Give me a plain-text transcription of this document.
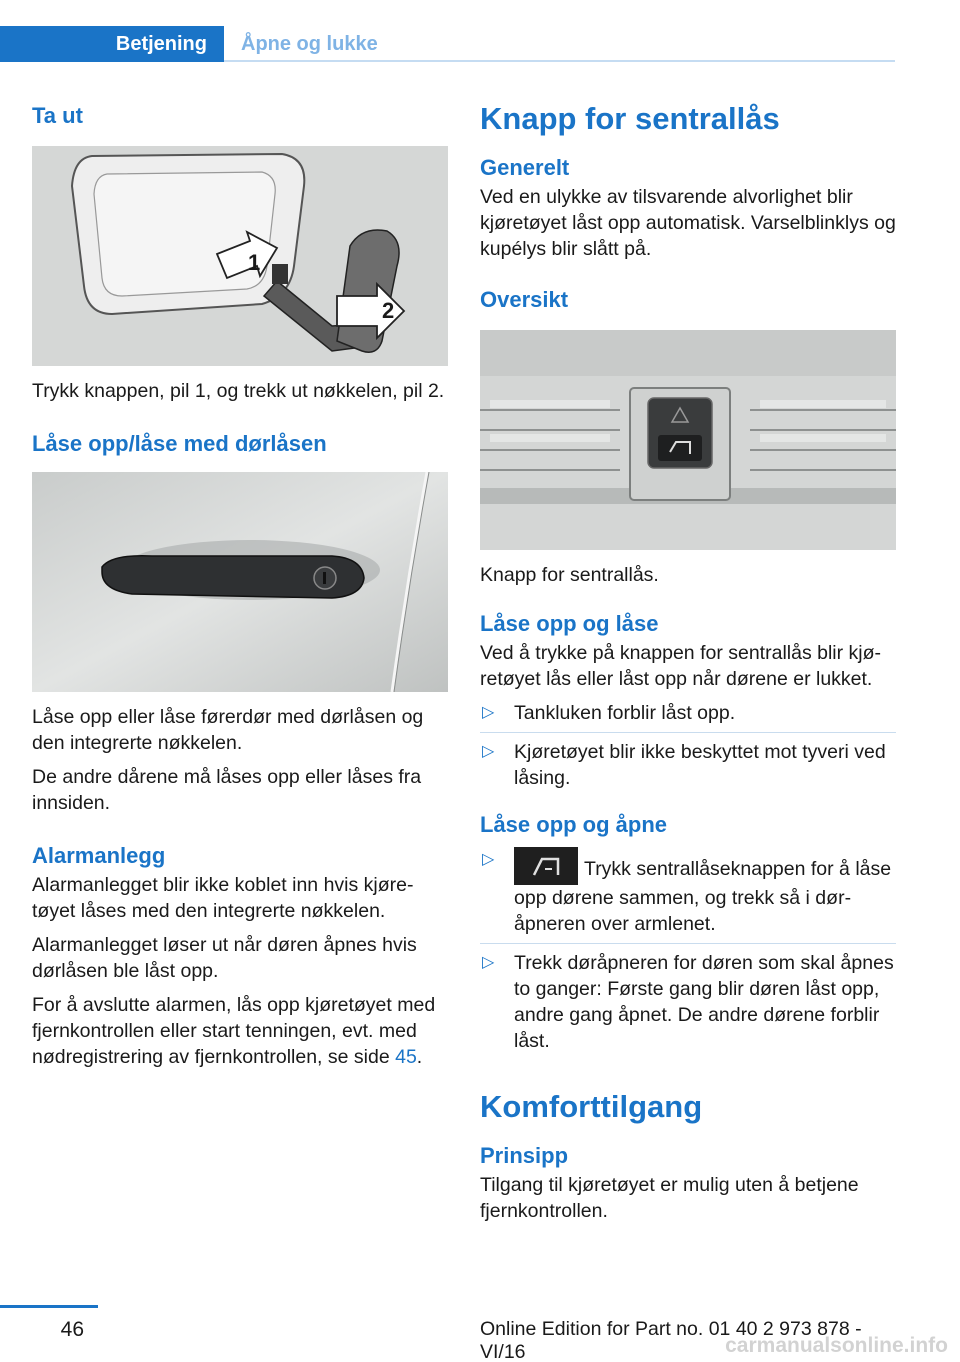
Betjening	Åpne og lukke
Ta ut
1
2

Trykk knappen, pil 1, og trekk ut nøkkelen, pil 2.

Låse opp/låse med dørlåsen

Låse opp eller låse førerdør med dørlåsen og den integrerte nøkkelen.

De andre dårene må låses opp eller låses fra innsiden.

Alarmanlegg

Alarmanlegget blir ikke koblet inn hvis kjøretøyet låses med den integrerte nøkkelen.

Alarmanlegget løser ut når døren åpnes hvis dørlåsen ble låst opp.

For å avslutte alarmen, lås opp kjøretøyet med fjernkontrollen eller start tenningen, evt. med nødregistrering av fjernkontrollen, se side 45.

Knapp for sentrallås
Generelt

Ved en ulykke av tilsvarende alvorlighet blir kjøretøyet låst opp automatisk. Varselblinklys og kupélys blir slått på.

Oversikt

Knapp for sentrallås.

Låse opp og låse

Ved å trykke på knappen for sentrallås blir kjøretøyet lås eller låst opp når dørene er lukket.

▷ Tankluken forblir låst opp.
▷ Kjøretøyet blir ikke beskyttet mot tyveri ved låsing.
Låse opp og åpne
▷	Trykk sentrallåseknappen for å låse opp dørene sammen, og trekk så i døråpneren over armlenet.
▷ Trekk døråpneren for døren som skal åpnes to ganger: Første gang blir døren låst opp, andre gang åpnet. De andre dørene forblir låst.
Komforttilgang
Prinsipp

Tilgang til kjøretøyet er mulig uten å betjene fjernkontrollen.

46	Online Edition for Part no. 01 40 2 973 878 - VI/16	carmanualsonline.info
